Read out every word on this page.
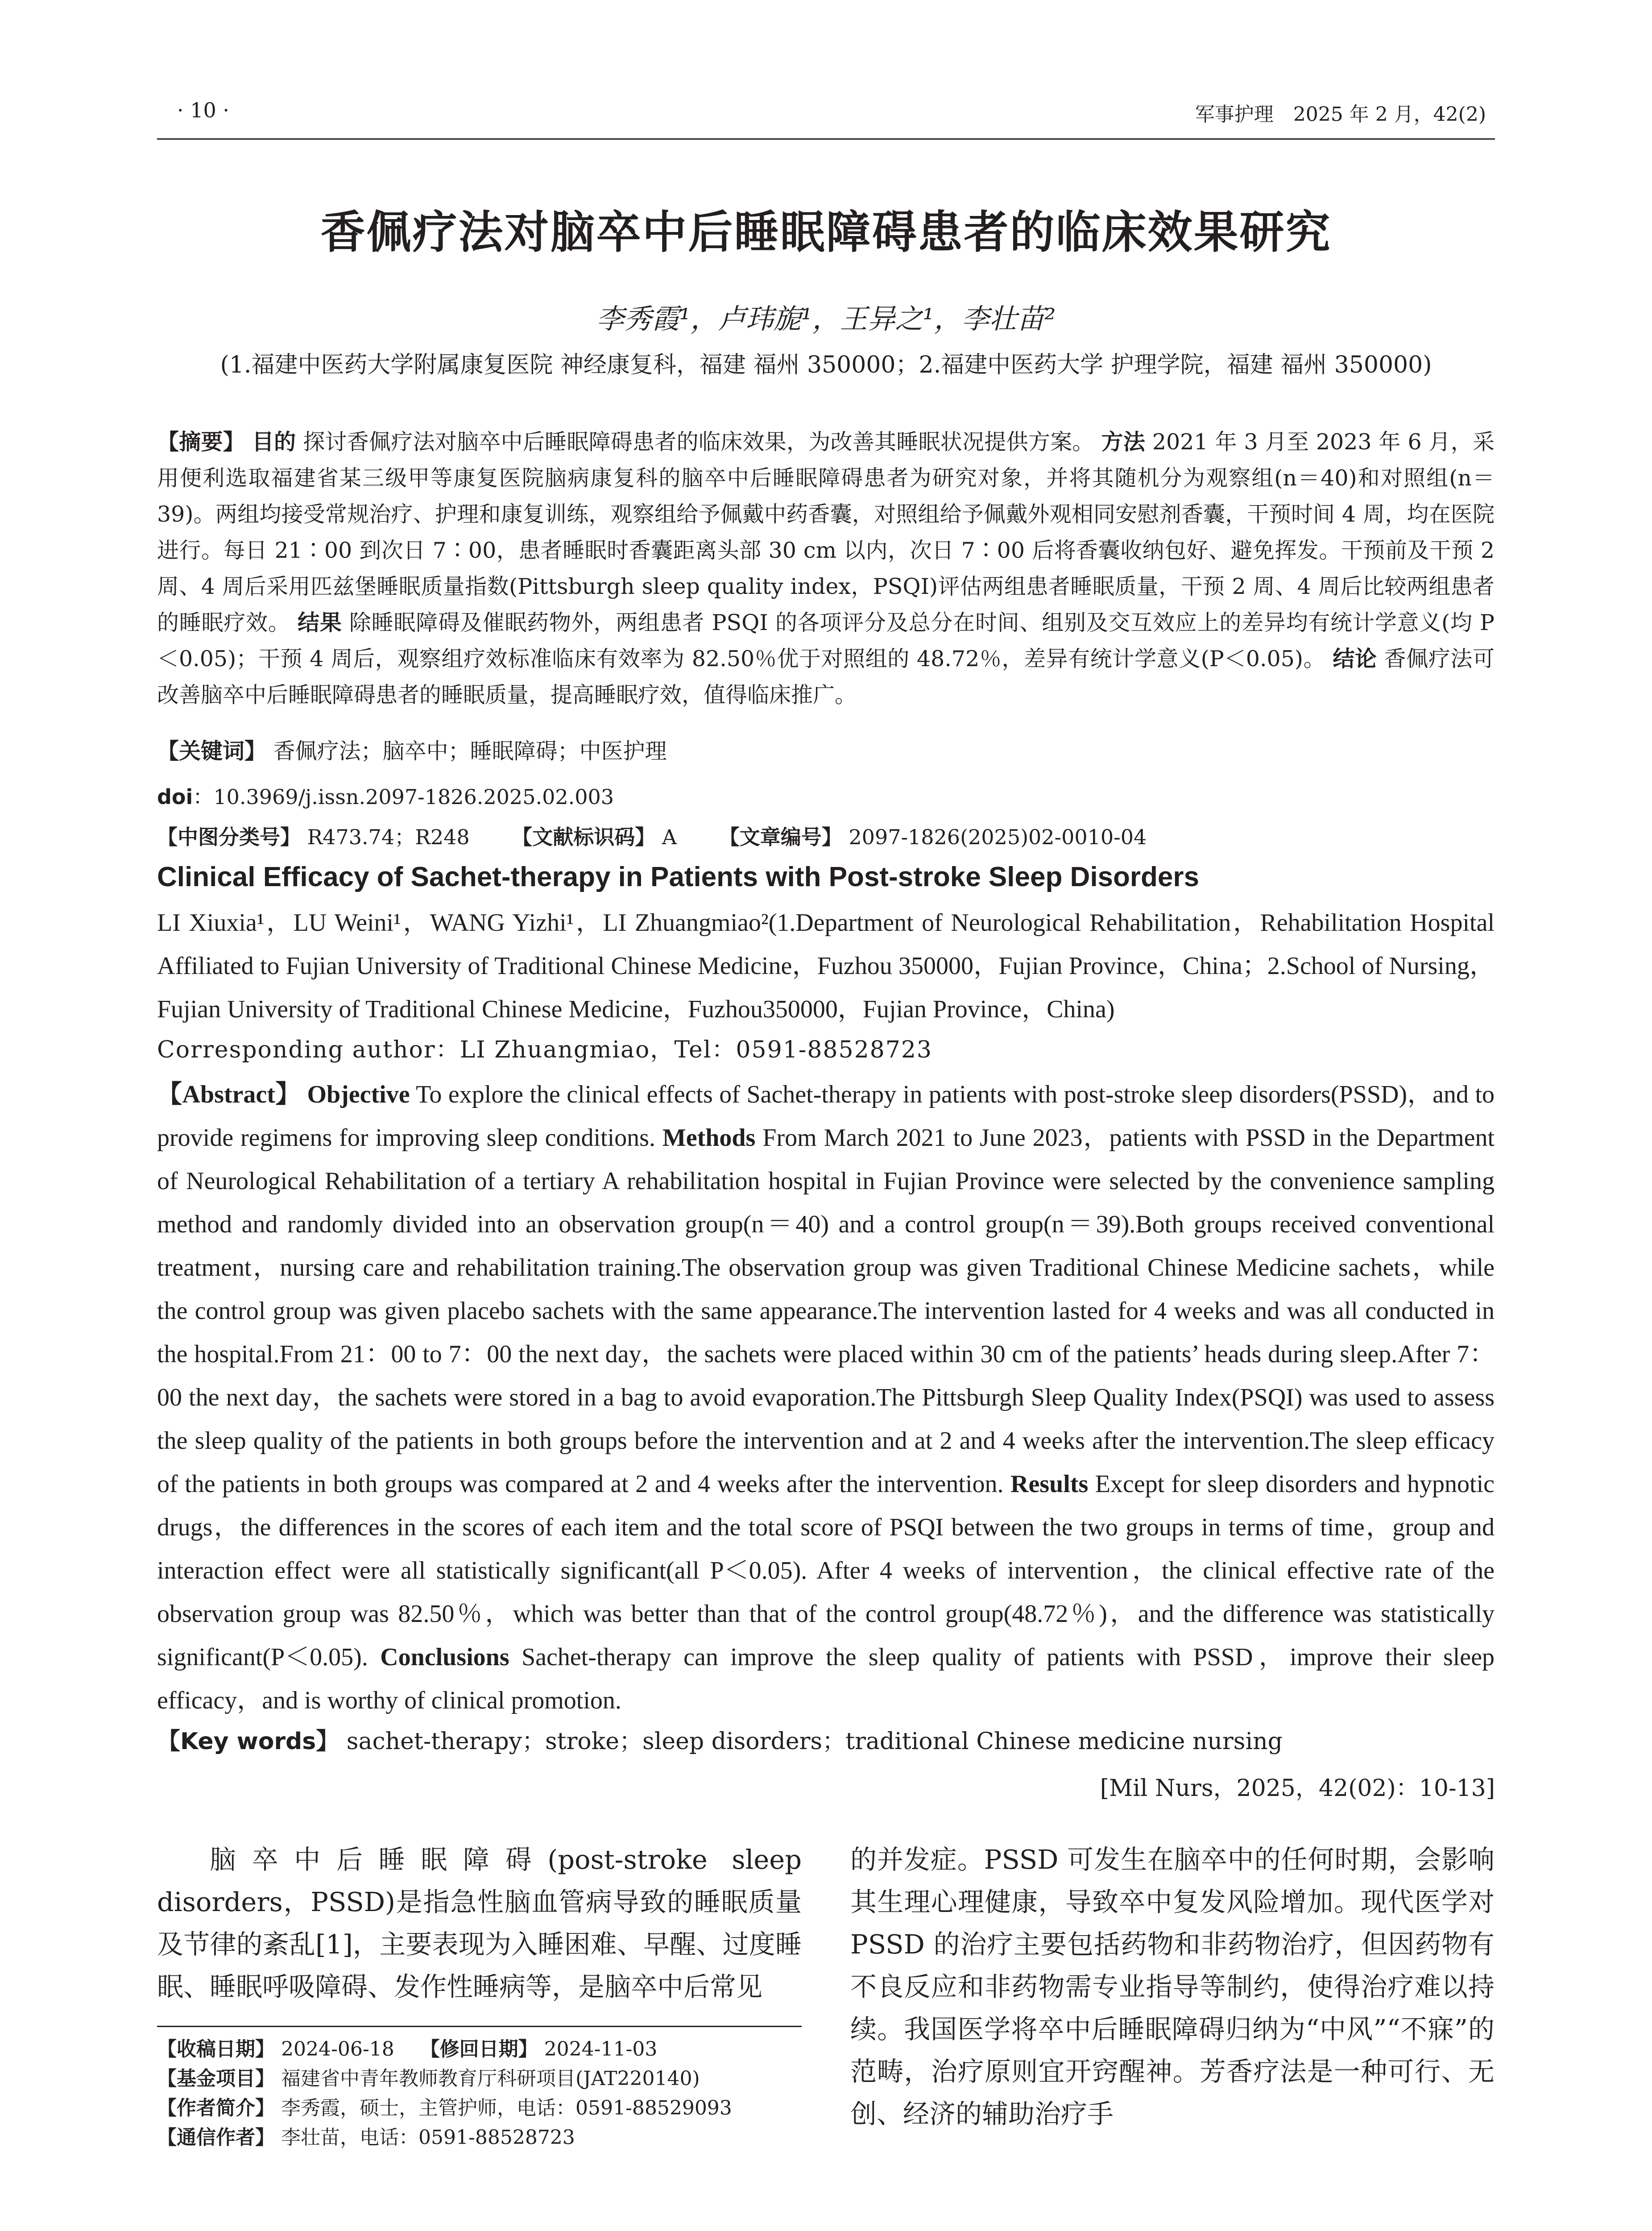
· 10 ·	军事护理　2025 年 2 月，42(2)
香佩疗法对脑卒中后睡眠障碍患者的临床效果研究
李秀霞¹，卢玮旎¹，王异之¹，李壮苗²
(1.福建中医药大学附属康复医院 神经康复科，福建 福州 350000；2.福建中医药大学 护理学院，福建 福州 350000)
【摘要】 目的 探讨香佩疗法对脑卒中后睡眠障碍患者的临床效果，为改善其睡眠状况提供方案。 方法 2021 年 3 月至 2023 年 6 月，采用便利选取福建省某三级甲等康复医院脑病康复科的脑卒中后睡眠障碍患者为研究对象，并将其随机分为观察组(n＝40)和对照组(n＝39)。两组均接受常规治疗、护理和康复训练，观察组给予佩戴中药香囊，对照组给予佩戴外观相同安慰剂香囊，干预时间 4 周，均在医院进行。每日 21∶00 到次日 7∶00，患者睡眠时香囊距离头部 30 cm 以内，次日 7∶00 后将香囊收纳包好、避免挥发。干预前及干预 2 周、4 周后采用匹兹堡睡眠质量指数(Pittsburgh sleep quality index，PSQI)评估两组患者睡眠质量，干预 2 周、4 周后比较两组患者的睡眠疗效。 结果 除睡眠障碍及催眠药物外，两组患者 PSQI 的各项评分及总分在时间、组别及交互效应上的差异均有统计学意义(均 P＜0.05)；干预 4 周后，观察组疗效标准临床有效率为 82.50％优于对照组的 48.72％，差异有统计学意义(P＜0.05)。 结论 香佩疗法可改善脑卒中后睡眠障碍患者的睡眠质量，提高睡眠疗效，值得临床推广。
【关键词】 香佩疗法；脑卒中；睡眠障碍；中医护理
doi：10.3969/j.issn.2097-1826.2025.02.003
【中图分类号】 R473.74；R248 【文献标识码】 A 【文章编号】 2097-1826(2025)02-0010-04
Clinical Efficacy of Sachet-therapy in Patients with Post-stroke Sleep Disorders
LI Xiuxia¹，LU Weini¹，WANG Yizhi¹，LI Zhuangmiao²(1.Department of Neurological Rehabilitation，Rehabilitation Hospital Affiliated to Fujian University of Traditional Chinese Medicine，Fuzhou 350000，Fujian Province，China；2.School of Nursing，Fujian University of Traditional Chinese Medicine，Fuzhou350000，Fujian Province，China)
Corresponding author：LI Zhuangmiao，Tel：0591-88528723
【Abstract】 Objective To explore the clinical effects of Sachet-therapy in patients with post-stroke sleep disorders(PSSD)，and to provide regimens for improving sleep conditions. Methods From March 2021 to June 2023，patients with PSSD in the Department of Neurological Rehabilitation of a tertiary A rehabilitation hospital in Fujian Province were selected by the convenience sampling method and randomly divided into an observation group(n＝40) and a control group(n＝39).Both groups received conventional treatment，nursing care and rehabilitation training.The observation group was given Traditional Chinese Medicine sachets，while the control group was given placebo sachets with the same appearance.The intervention lasted for 4 weeks and was all conducted in the hospital.From 21：00 to 7：00 the next day，the sachets were placed within 30 cm of the patients’ heads during sleep.After 7：00 the next day，the sachets were stored in a bag to avoid evaporation.The Pittsburgh Sleep Quality Index(PSQI) was used to assess the sleep quality of the patients in both groups before the intervention and at 2 and 4 weeks after the intervention.The sleep efficacy of the patients in both groups was compared at 2 and 4 weeks after the intervention. Results Except for sleep disorders and hypnotic drugs，the differences in the scores of each item and the total score of PSQI between the two groups in terms of time，group and interaction effect were all statistically significant(all P＜0.05). After 4 weeks of intervention，the clinical effective rate of the observation group was 82.50％，which was better than that of the control group(48.72％)，and the difference was statistically significant(P＜0.05). Conclusions Sachet-therapy can improve the sleep quality of patients with PSSD，improve their sleep efficacy，and is worthy of clinical promotion.
【Key words】 sachet-therapy；stroke；sleep disorders；traditional Chinese medicine nursing
[Mil Nurs，2025，42(02)：10-13]

脑卒中后睡眠障碍(post-stroke sleep disorders，PSSD)是指急性脑血管病导致的睡眠质量及节律的紊乱[1]，主要表现为入睡困难、早醒、过度睡眠、睡眠呼吸障碍、发作性睡病等，是脑卒中后常见

的并发症。PSSD 可发生在脑卒中的任何时期，会影响其生理心理健康，导致卒中复发风险增加。现代医学对 PSSD 的治疗主要包括药物和非药物治疗，但因药物有不良反应和非药物需专业指导等制约，使得治疗难以持续。我国医学将卒中后睡眠障碍归纳为“中风”“不寐”的范畴，治疗原则宜开窍醒神。芳香疗法是一种可行、无创、经济的辅助治疗手

【收稿日期】 2024-06-18　 【修回日期】 2024-11-03
【基金项目】 福建省中青年教师教育厅科研项目(JAT220140)
【作者简介】 李秀霞，硕士，主管护师，电话：0591-88529093
【通信作者】 李壮苗，电话：0591-88528723
